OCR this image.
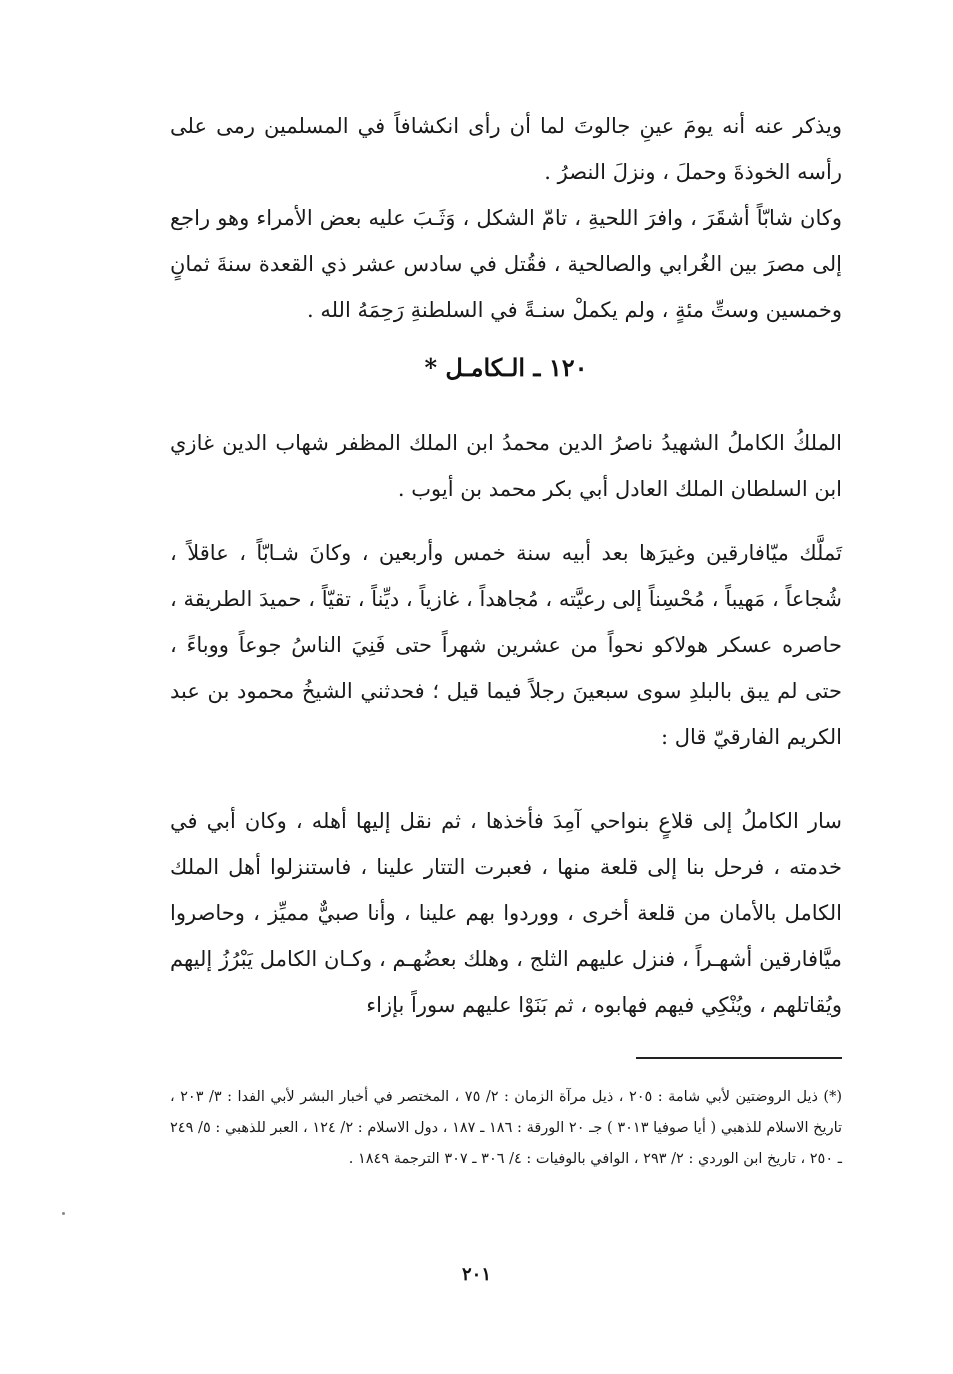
ويذكر عنه أنه يومَ عينِ جالوتَ لما أن رأى انكشافاً في المسلمين رمى على رأسه الخوذةَ وحملَ ، ونزلَ النصرُ .

وكان شابّاً أشقَرَ ، وافرَ اللحيةِ ، تامّ الشكل ، وَثَـبَ عليه بعض الأمراء وهو راجع إلى مصرَ بين الغُرابي والصالحية ، فقُتل في سادس عشر ذي القعدة سنةَ ثمانٍ وخمسين وستِّ مئةٍ ، ولم يكملْ سنـةً في السلطنةِ رَحِمَهُ الله .

١٢٠ ـ الـكامـل *

الملكُ الكاملُ الشهيدُ ناصرُ الدين محمدُ ابن الملك المظفر شهاب الدين غازي ابن السلطان الملك العادل أبي بكر محمد بن أيوب .

تَملَّك ميّافارقين وغيرَها بعد أبيه سنة خمس وأربعين ، وكانَ شـابّاً ، عاقلاً ، شُجاعاً ، مَهيباً ، مُحْسِناً إلى رعيَّته ، مُجاهداً ، غازياً ، ديِّناً ، تقيّاً ، حميدَ الطريقة ، حاصره عسكر هولاكو نحواً من عشرين شهراً حتى فَنِيَ الناسُ جوعاً ووباءً ، حتى لم يبق بالبلدِ سوى سبعينَ رجلاً فيما قيل ؛ فحدثني الشيخُ محمود بن عبد الكريم الفارقيّ قال :

سار الكاملُ إلى قلاعٍ بنواحي آمِدَ فأخذها ، ثم نقل إليها أهله ، وكان أبي في خدمته ، فرحل بنا إلى قلعة منها ، فعبرت التتار علينا ، فاستنزلوا أهل الملك الكامل بالأمان من قلعة أخرى ، ووردوا بهم علينا ، وأنا صبيٌّ مميِّز ، وحاصروا ميَّافارقين أشهـراً ، فنزل عليهم الثلج ، وهلك بعضُهـم ، وكـان الكامل يَبْرُزُ إليهم ويُقاتلهم ، ويُنْكِي فيهم فهابوه ، ثم بَنَوْا عليهم سوراً بإزاء

(*) ذيل الروضتين لأبي شامة : ٢٠٥ ، ذيل مرآة الزمان : ٢/ ٧٥ ، المختصر في أخبار البشر لأبي الفدا : ٣/ ٢٠٣ ، تاريخ الاسلام للذهبي ( أيا صوفيا ٣٠١٣ ) جـ ٢٠ الورقة : ١٨٦ ـ ١٨٧ ، دول الاسلام : ٢/ ١٢٤ ، العبر للذهبي : ٥/ ٢٤٩ ـ ٢٥٠ ، تاريخ ابن الوردي : ٢/ ٢٩٣ ، الوافي بالوفيات : ٤/ ٣٠٦ ـ ٣٠٧ الترجمة ١٨٤٩ .
٢٠١
